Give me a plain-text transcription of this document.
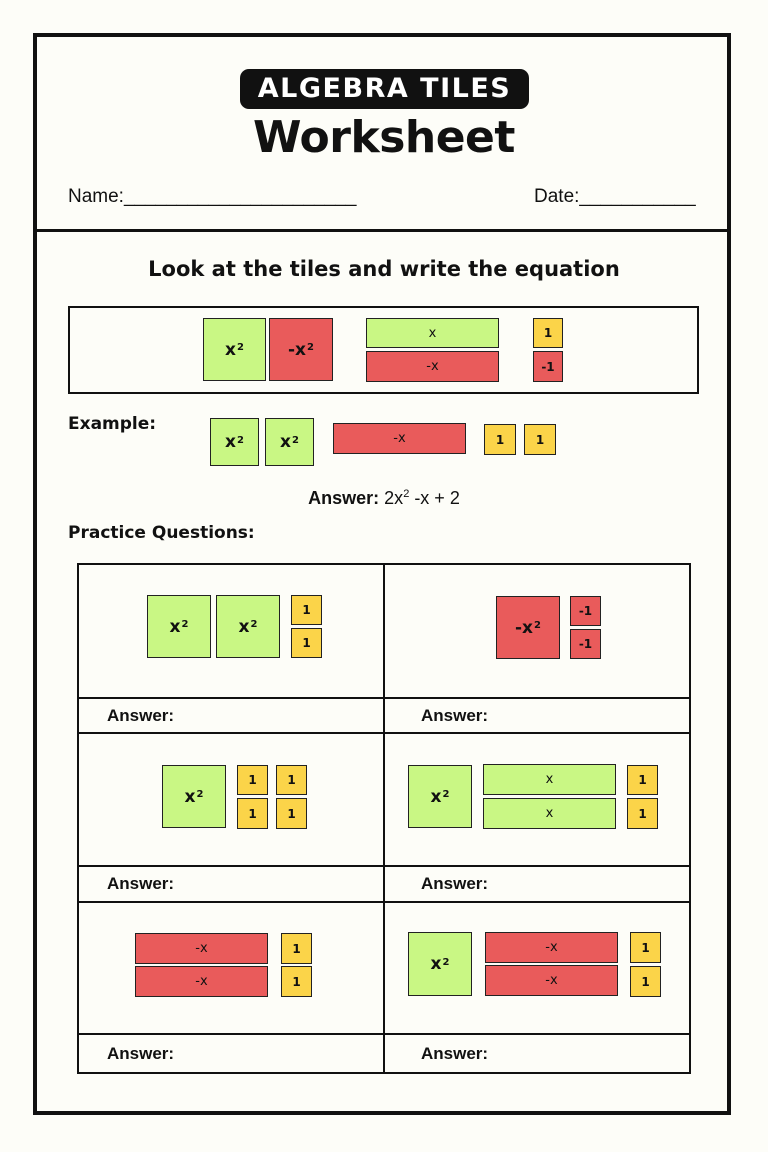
ALGEBRA TILES
Worksheet
Name:______________________	Date:___________
Look at the tiles and write the equation
$x^2$	$-x^2$
x
-x
1
-1
Example:
$x^2$ $x^2$	-x	1	1
Answer: $2x^2$ -x + 2
Practice Questions:
$x^2$	$x^2$
1
1
Answer:
$-x^2$
-1
-1
Answer:
$x^2$
1	1
1	1
Answer:
$x^2$
x
x
1
1
Answer:
-x
-x
1
1
Answer:
$x^2$
-x
-x
1
1
Answer:
